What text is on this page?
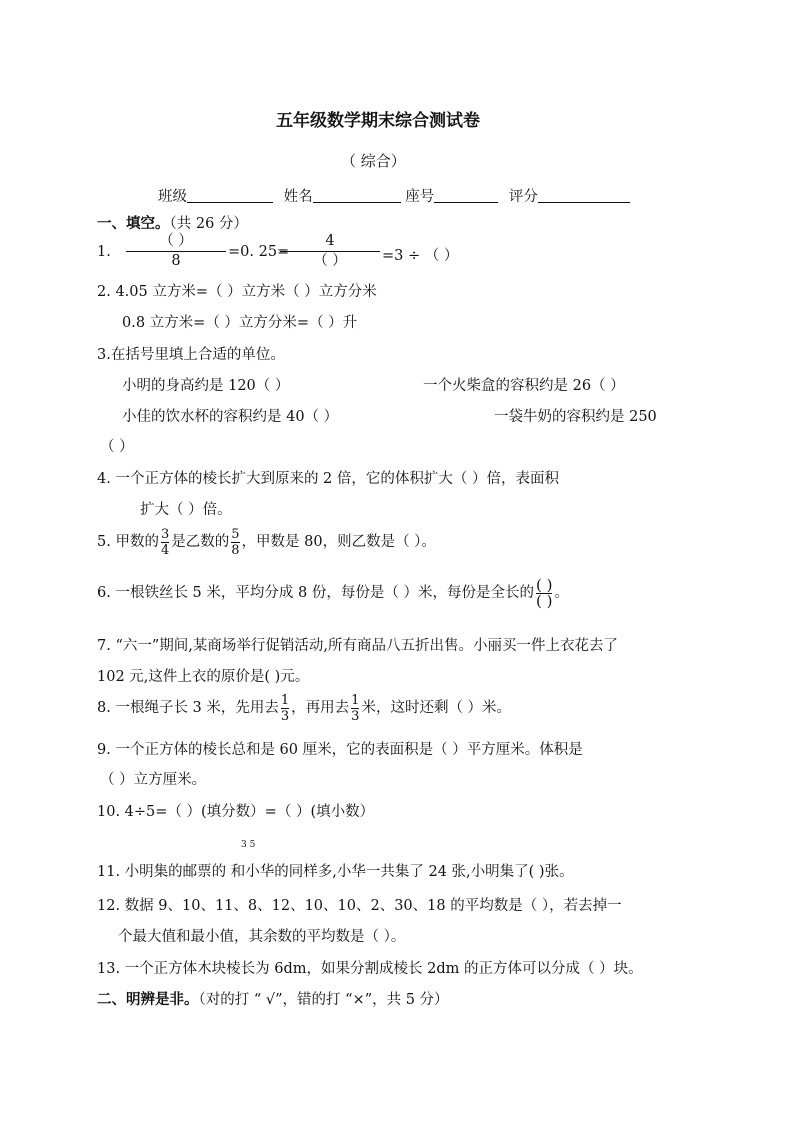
五年级数学期末综合测试卷
（ 综合）
班级	姓名	座号	评分
一、填空。（共 26 分）
1.
（ ）
8
=0. 25=
4
（ ）	=3 ÷ （ ）
2. 4.05 立方米=（ ）立方米（ ）立方分米
0.8 立方米=（ ）立方分米=（ ）升
3.在括号里填上合适的单位。
小明的身高约是 120（ ）	一个火柴盒的容积约是 26（ ）
小佳的饮水杯的容积约是 40（ ）	一袋牛奶的容积约是 250
（ ）
4. 一个正方体的棱长扩大到原来的 2 倍，它的体积扩大（ ）倍，表面积
扩大（ ）倍。
5. 甲数的 $\frac{3}{4}$ 是乙数的 $\frac{5}{8}$ ，甲数是 80，则乙数是（ ）。
6. 一根铁丝长 5 米，平均分成 8 份，每份是（ ）米，每份是全长的 ( )
( ) 。
7. “六一”期间,某商场举行促销活动,所有商品八五折出售。小丽买一件上衣花去了
102 元,这件上衣的原价是( )元。
8. 一根绳子长 3 米，先用去 $\frac{1}{3}$ ，再用去 $\frac{1}{3}$ 米，这时还剩（ ）米。
9. 一个正方体的棱长总和是 60 厘米，它的表面积是（ ）平方厘米。体积是
（ ）立方厘米。
10. 4÷5=（ ）(填分数）=（ ）(填小数）
3 5
11. 小明集的邮票的 和小华的同样多,小华一共集了 24 张,小明集了( )张。
12. 数据 9、10、11、8、12、10、10、2、30、18 的平均数是（ ），若去掉一
个最大值和最小值，其余数的平均数是（ ）。
13. 一个正方体木块棱长为 6dm，如果分割成棱长 2dm 的正方体可以分成（ ）块。
二、明辨是非。（对的打 “ √”，错的打 “×”，共 5 分）
